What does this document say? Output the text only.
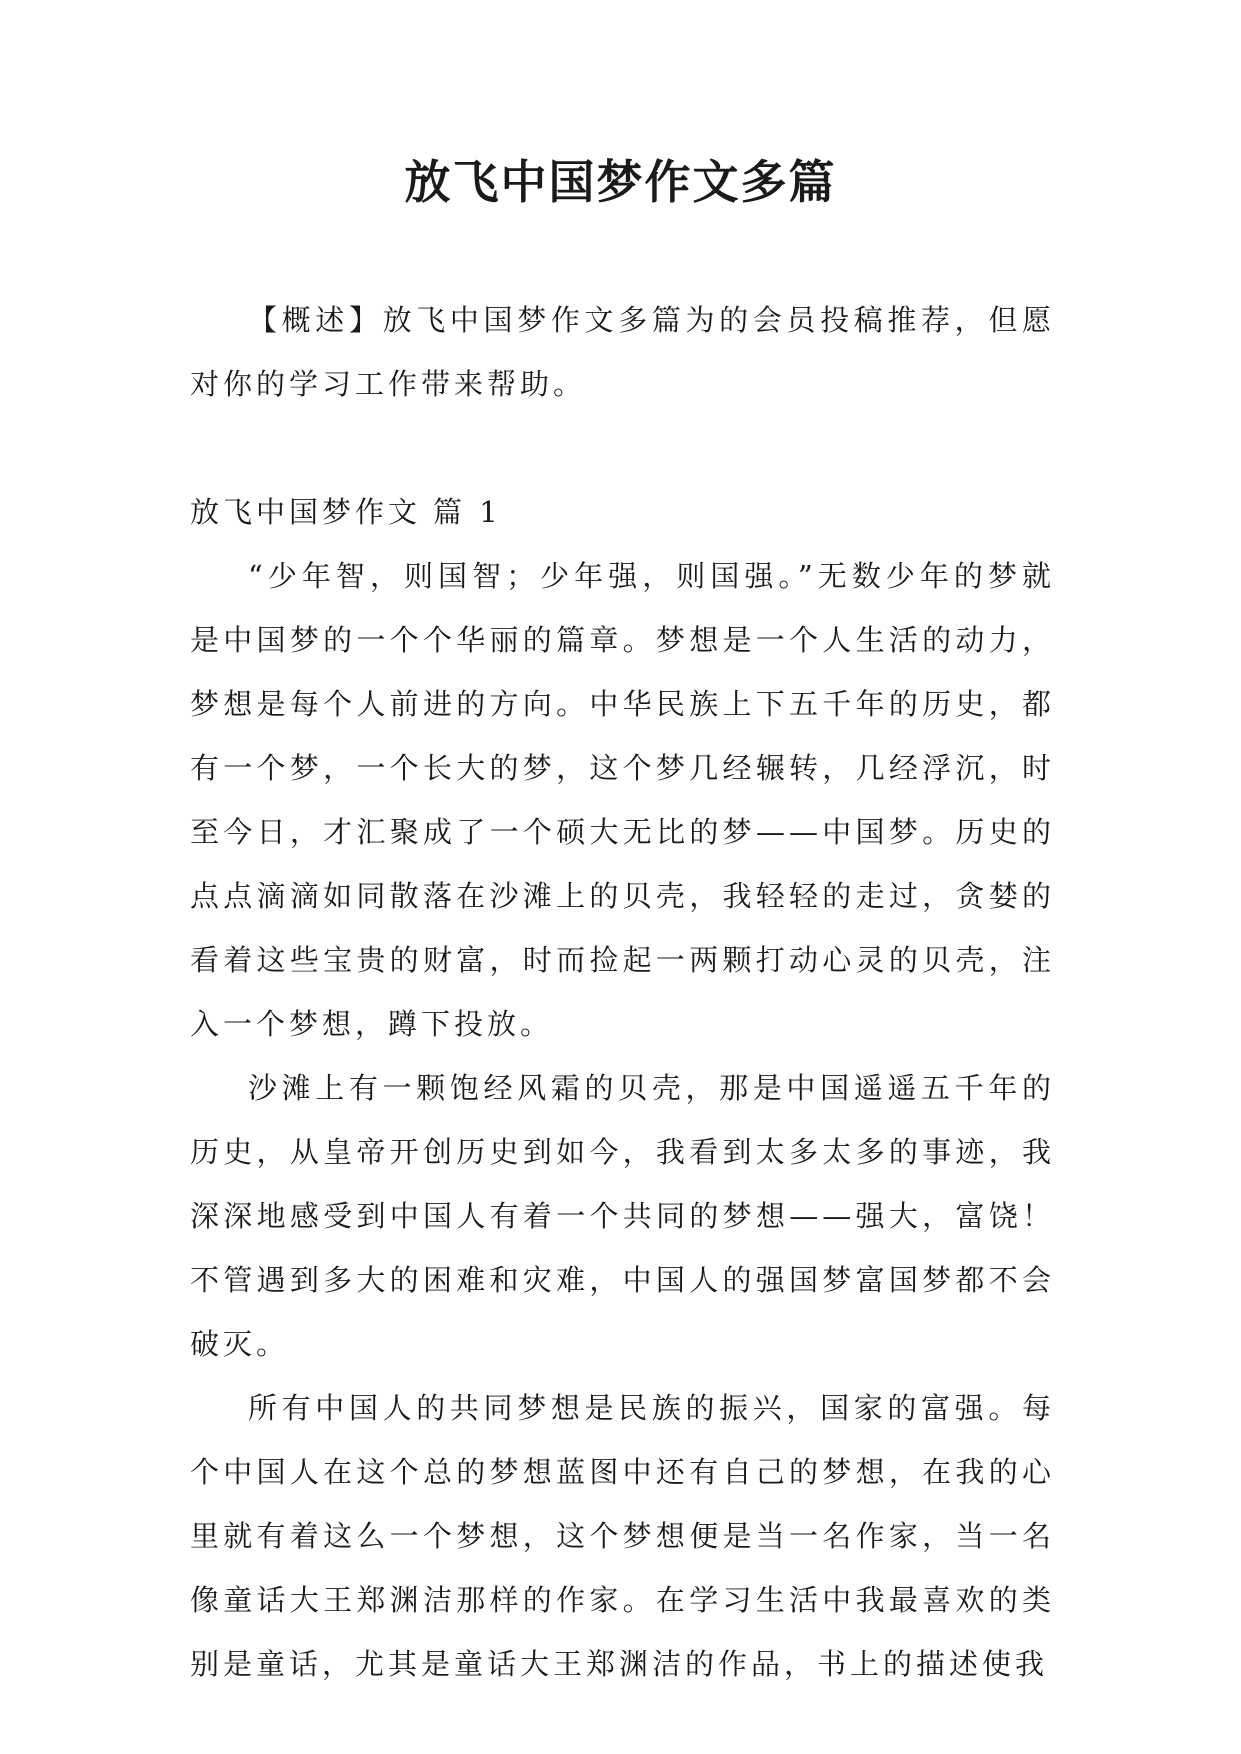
放飞中国梦作文多篇

【概述】放飞中国梦作文多篇为的会员投稿推荐，但愿对你的学习工作带来帮助。

放飞中国梦作文 篇 1

“少年智，则国智；少年强，则国强。”无数少年的梦就是中国梦的一个个华丽的篇章。梦想是一个人生活的动力，梦想是每个人前进的方向。中华民族上下五千年的历史，都有一个梦，一个长大的梦，这个梦几经辗转，几经浮沉，时至今日，才汇聚成了一个硕大无比的梦——中国梦。历史的点点滴滴如同散落在沙滩上的贝壳，我轻轻的走过，贪婪的看着这些宝贵的财富，时而捡起一两颗打动心灵的贝壳，注入一个梦想，蹲下投放。

沙滩上有一颗饱经风霜的贝壳，那是中国遥遥五千年的历史，从皇帝开创历史到如今，我看到太多太多的事迹，我深深地感受到中国人有着一个共同的梦想——强大，富饶！不管遇到多大的困难和灾难，中国人的强国梦富国梦都不会破灭。

所有中国人的共同梦想是民族的振兴，国家的富强。每个中国人在这个总的梦想蓝图中还有自己的梦想，在我的心里就有着这么一个梦想，这个梦想便是当一名作家，当一名像童话大王郑渊洁那样的作家。在学习生活中我最喜欢的类别是童话，尤其是童话大王郑渊洁的作品，书上的描述使我
